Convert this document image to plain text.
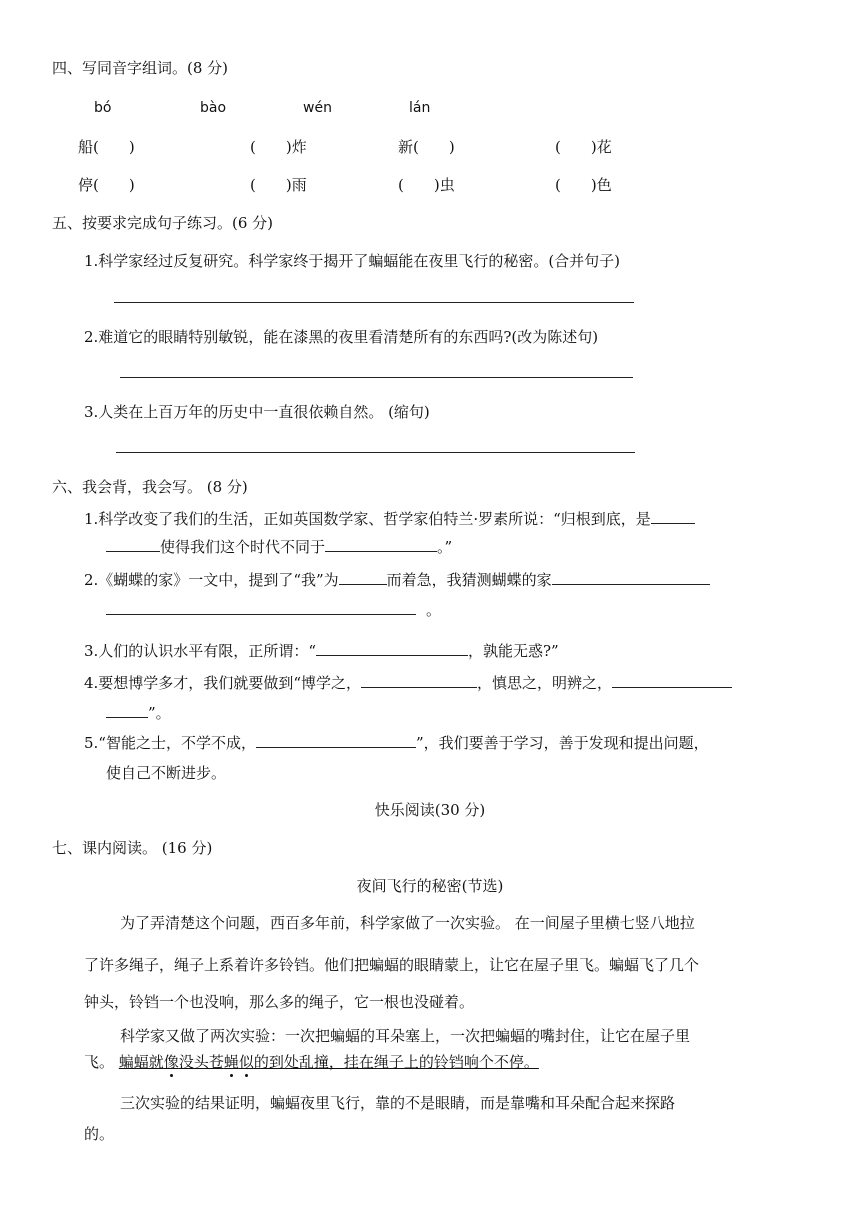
四、写同音字组词。(8 分)
bó	bào	wén	lán
船(　　)	(　　)炸	新(　　)	(　　)花
停(　　)	(　　)雨	(　　)虫	(　　)色
五、按要求完成句子练习。(6 分)
1.科学家经过反复研究。科学家终于揭开了蝙蝠能在夜里飞行的秘密。(合并句子)
2.难道它的眼睛特别敏锐，能在漆黑的夜里看清楚所有的东西吗?(改为陈述句)
3.人类在上百万年的历史中一直很依赖自然。 (缩句)
六、我会背，我会写。 (8 分)
1.科学改变了我们的生活，正如英国数学家、哲学家伯特兰·罗素所说：“归根到底，是
使得我们这个时代不同于	。”
2.《蝴蝶的家》一文中，提到了“我”为	而着急，我猜测蝴蝶的家
。
3.人们的认识水平有限，正所谓：“	，孰能无惑?”
4.要想博学多才，我们就要做到“博学之，	，慎思之，明辨之，
”。
5.“智能之士，不学不成，	”，我们要善于学习，善于发现和提出问题，
使自己不断进步。
快乐阅读(30 分)
七、课内阅读。 (16 分)
夜间飞行的秘密(节选)
为了弄清楚这个问题，西百多年前，科学家做了一次实验。 在一间屋子里横七竖八地拉
了许多绳子，绳子上系着许多铃铛。他们把蝙蝠的眼睛蒙上，让它在屋子里飞。蝙蝠飞了几个
钟头，铃铛一个也没响，那么多的绳子，它一根也没碰着。
科学家又做了两次实验：一次把蝙蝠的耳朵塞上，一次把蝙蝠的嘴封住，让它在屋子里
飞。 蝙蝠就像
没头苍蝇
似
的到处乱撞，挂在绳子上的铃铛响个不停。
三次实验的结果证明，蝙蝠夜里飞行，靠的不是眼睛，而是靠嘴和耳朵配合起来探路
的。
